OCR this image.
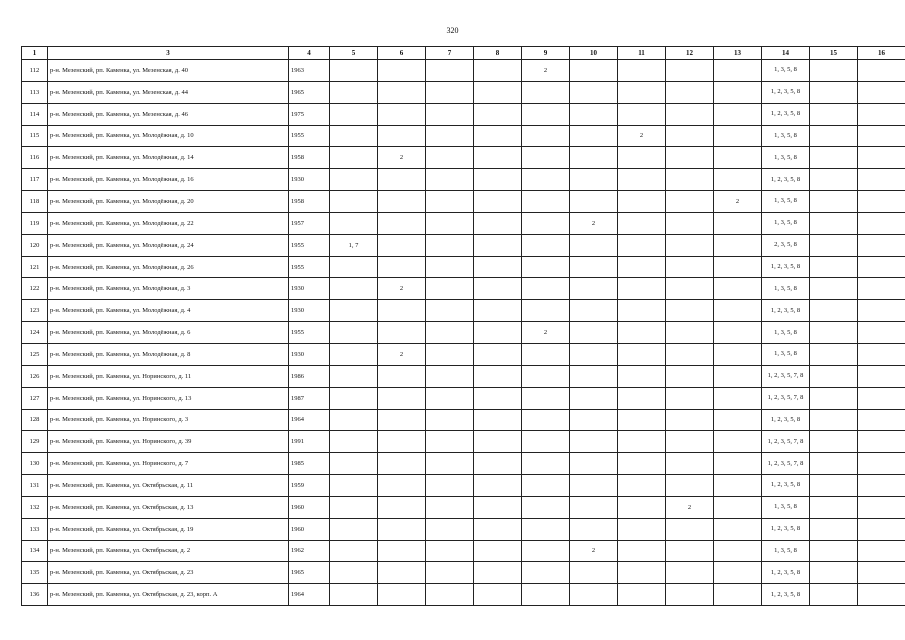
320
1	3	4	5	6	7	8	9	10	11	12	13	14	15	16
112	р-н. Мезенский, рп. Каменка, ул. Мезенская, д. 40	1963					2					1, 3, 5, 8		
113	р-н. Мезенский, рп. Каменка, ул. Мезенская, д. 44	1965										1, 2, 3, 5, 8		
114	р-н. Мезенский, рп. Каменка, ул. Мезенская, д. 46	1975										1, 2, 3, 5, 8		
115	р-н. Мезенский, рп. Каменка, ул. Молодёжная, д. 10	1955							2			1, 3, 5, 8		
116	р-н. Мезенский, рп. Каменка, ул. Молодёжная, д. 14	1958		2								1, 3, 5, 8		
117	р-н. Мезенский, рп. Каменка, ул. Молодёжная, д. 16	1930										1, 2, 3, 5, 8		
118	р-н. Мезенский, рп. Каменка, ул. Молодёжная, д. 20	1958									2	1, 3, 5, 8		
119	р-н. Мезенский, рп. Каменка, ул. Молодёжная, д. 22	1957						2				1, 3, 5, 8		
120	р-н. Мезенский, рп. Каменка, ул. Молодёжная, д. 24	1955	1, 7									2, 3, 5, 8		
121	р-н. Мезенский, рп. Каменка, ул. Молодёжная, д. 26	1955										1, 2, 3, 5, 8		
122	р-н. Мезенский, рп. Каменка, ул. Молодёжная, д. 3	1930		2								1, 3, 5, 8		
123	р-н. Мезенский, рп. Каменка, ул. Молодёжная, д. 4	1930										1, 2, 3, 5, 8		
124	р-н. Мезенский, рп. Каменка, ул. Молодёжная, д. 6	1955					2					1, 3, 5, 8		
125	р-н. Мезенский, рп. Каменка, ул. Молодёжная, д. 8	1930		2								1, 3, 5, 8		
126	р-н. Мезенский, рп. Каменка, ул. Норинского, д. 11	1986										1, 2, 3, 5, 7, 8		
127	р-н. Мезенский, рп. Каменка, ул. Норинского, д. 13	1987										1, 2, 3, 5, 7, 8		
128	р-н. Мезенский, рп. Каменка, ул. Норинского, д. 3	1964										1, 2, 3, 5, 8		
129	р-н. Мезенский, рп. Каменка, ул. Норинского, д. 39	1991										1, 2, 3, 5, 7, 8		
130	р-н. Мезенский, рп. Каменка, ул. Норинского, д. 7	1985										1, 2, 3, 5, 7, 8		
131	р-н. Мезенский, рп. Каменка, ул. Октябрьская, д. 11	1959										1, 2, 3, 5, 8		
132	р-н. Мезенский, рп. Каменка, ул. Октябрьская, д. 13	1960								2		1, 3, 5, 8		
133	р-н. Мезенский, рп. Каменка, ул. Октябрьская, д. 19	1960										1, 2, 3, 5, 8		
134	р-н. Мезенский, рп. Каменка, ул. Октябрьская, д. 2	1962						2				1, 3, 5, 8		
135	р-н. Мезенский, рп. Каменка, ул. Октябрьская, д. 23	1965										1, 2, 3, 5, 8		
136	р-н. Мезенский, рп. Каменка, ул. Октябрьская, д. 23, корп. А	1964										1, 2, 3, 5, 8		
